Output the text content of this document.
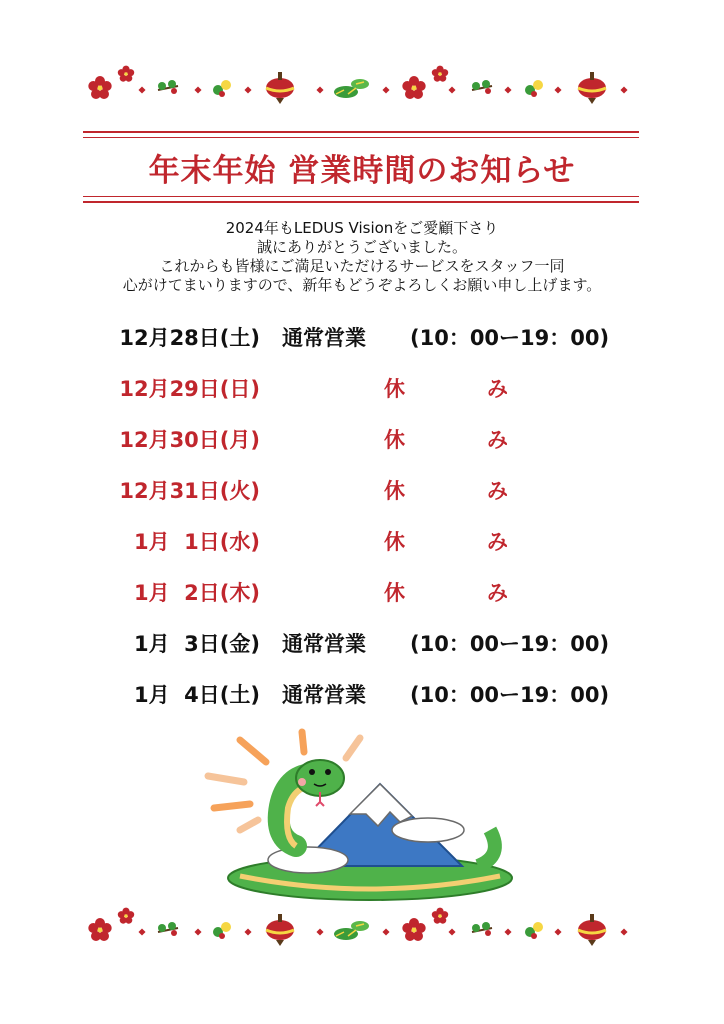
年末年始 営業時間のお知らせ
2024年もLEDUS Visionをご愛顧下さり
誠にありがとうございました。
これからも皆様にご満足いただけるサービスをスタッフ一同
心がけてまいりますので、新年もどうぞよろしくお願い申し上げます。
12月28日(土) 通常営業 (10：00ー19：00)
12月29日(日)	休	み
12月30日(月)	休	み
12月31日(火)	休	み
1月  1日(水)	休	み
1月  2日(木)	休	み
1月  3日(金) 通常営業 (10：00ー19：00)
1月  4日(土) 通常営業 (10：00ー19：00)
